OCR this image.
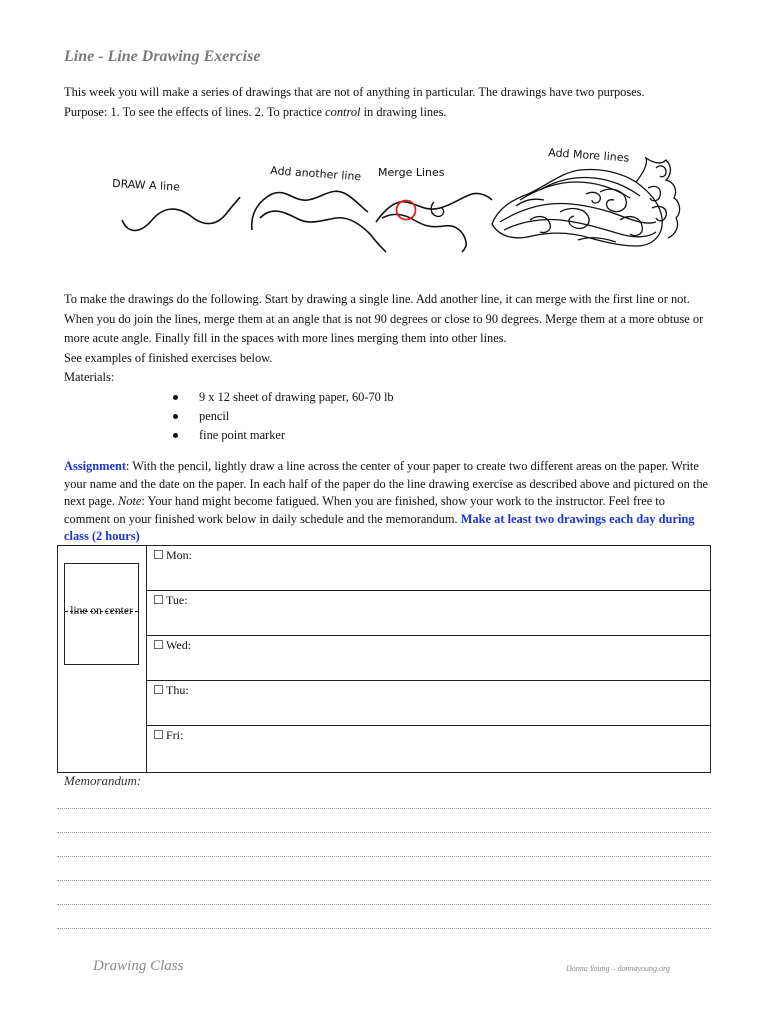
Line - Line Drawing Exercise
This week you will make a series of drawings that are not of anything in particular. The drawings have two purposes.
Purpose: 1. To see the effects of lines. 2. To practice control in drawing lines.
DRAW A line
Add another line Merge Lines
Add More lines
To make the drawings do the following. Start by drawing a single line. Add another line, it can merge with the first line or not. When you do join the lines, merge them at an angle that is not 90 degrees or close to 90 degrees. Merge them at a more obtuse or more acute angle. Finally fill in the spaces with more lines merging them into other lines.
See examples of finished exercises below.
Materials:
9 x 12 sheet of drawing paper, 60-70 lb
pencil
fine point marker
Assignment: With the pencil, lightly draw a line across the center of your paper to create two different areas on the paper. Write your name and the date on the paper. In each half of the paper do the line drawing exercise as described above and pictured on the next page. Note: Your hand might become fatigued. When you are finished, show your work to the instructor. Feel free to comment on your finished work below in daily schedule and the memorandum. Make at least two drawings each day during class (2 hours)
line on center
☐ Mon:
☐ Tue:
☐ Wed:
☐ Thu:
☐ Fri:
Memorandum:
Drawing Class	Donna Young – donnayoung.org
